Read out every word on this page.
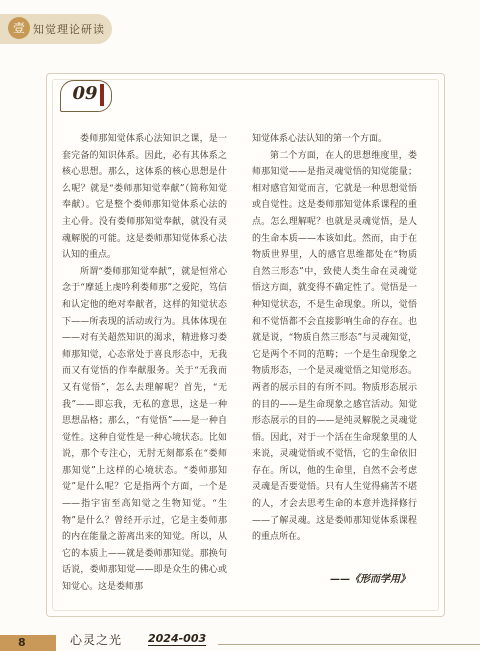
壹 知觉理论研读
09

娄师那知觉体系心法知识之课，是一套完备的知识体系。因此，必有其体系之核心思想。那么，这体系的核心思想是什么呢？就是“娄师那知觉奉献”（简称知觉奉献）。它是整个娄师那知觉体系心法的主心骨。没有娄师那知觉奉献，就没有灵魂解脱的可能。这是娄师那知觉体系心法认知的重点。

所谓“娄师那知觉奉献”，就是恒常心念于“摩延上虔吟利娄师那”之爱陀，笃信和认定他的绝对奉献者，这样的知觉状态下——所表现的活动或行为。具体体现在——对有关超然知识的渴求，精进修习娄师那知觉，心态常处于喜良形态中，无我而又有觉悟的作奉献服务。关于“无我而又有觉悟”，怎么去理解呢？首先，“无我”——即忘我，无私的意思，这是一种思想品格；那么，“有觉悟”——是一种自觉性。这种自觉性是一种心境状态。比如说，那个专注心，无肘无刻都系在“娄师那知觉”上这样的心境状态。“娄师那知觉”是什么呢？它是指两个方面，一个是——指宇宙至高知觉之生物知觉。“生物”是什么？曾经开示过，它是主娄师那的内在能量之游离出来的知觉。所以，从它的本质上——就是娄师那知觉。那换句话说，娄师那知觉——即是众生的佛心或知觉心。这是娄师那

知觉体系心法认知的第一个方面。

第二个方面，在人的思想维度里，娄师那知觉——是指灵魂觉悟的知觉能量；相对感官知觉而言，它就是一种思想觉悟或自觉性。这是娄师那知觉体系课程的重点。怎么理解呢？也就是灵魂觉悟，是人的生命本质——本该如此。然而，由于在物质世界里，人的感官思维都处在“物质自然三形态”中，致使人类生命在灵魂觉悟这方面，就变得不确定性了。觉悟是一种知觉状态，不是生命现象。所以，觉悟和不觉悟都不会直接影响生命的存在。也就是说，“物质自然三形态”与灵魂知觉，它是两个不同的范畴；一个是生命现象之物质形态，一个是灵魂觉悟之知觉形态。两者的展示目的有所不同。物质形态展示的目的——是生命现象之感官活动。知觉形态展示的目的——是纯灵解脱之灵魂觉悟。因此，对于一个活在生命现象里的人来说，灵魂觉悟或不觉悟，它的生命依旧存在。所以，他的生命里，自然不会考虑灵魂是否要觉悟。只有人生觉得痛苦不堪的人，才会去思考生命的本意并选择修行——了解灵魂。这是娄师那知觉体系课程的重点所在。

——《形而学用》
8	心灵之光 2024-003
